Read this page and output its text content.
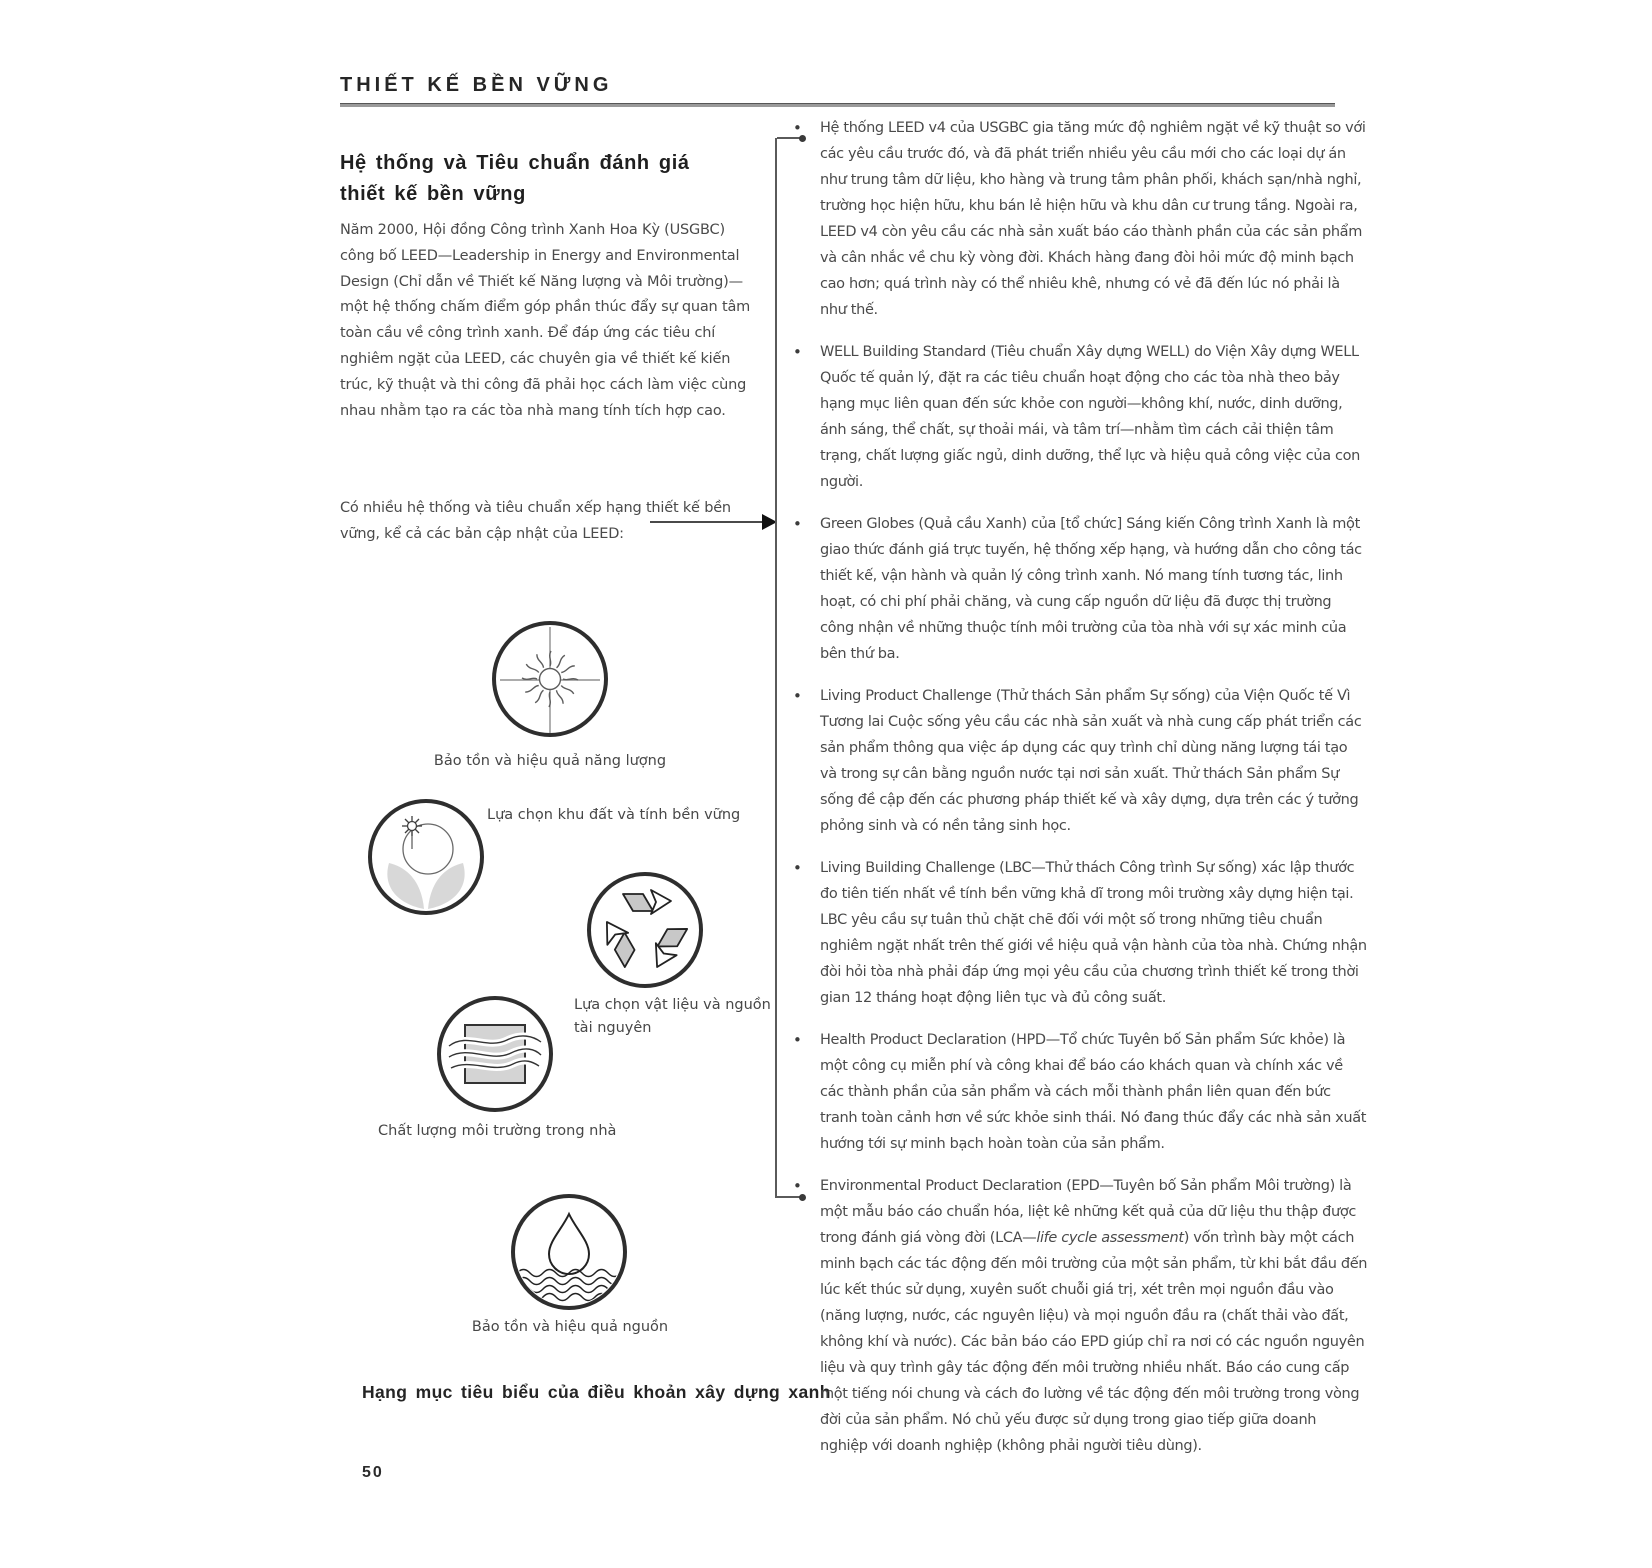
THIẾT KẾ BỀN VỮNG
Hệ thống và Tiêu chuẩn đánh giá thiết kế bền vững
Năm 2000, Hội đồng Công trình Xanh Hoa Kỳ (USGBC) công bố LEED—Leadership in Energy and Environmental Design (Chỉ dẫn về Thiết kế Năng lượng và Môi trường)—một hệ thống chấm điểm góp phần thúc đẩy sự quan tâm toàn cầu về công trình xanh. Để đáp ứng các tiêu chí nghiêm ngặt của LEED, các chuyên gia về thiết kế kiến trúc, kỹ thuật và thi công đã phải học cách làm việc cùng nhau nhằm tạo ra các tòa nhà mang tính tích hợp cao.
Có nhiều hệ thống và tiêu chuẩn xếp hạng thiết kế bền vững, kể cả các bản cập nhật của LEED:
Bảo tồn và hiệu quả năng lượng
Lựa chọn khu đất và tính bền vững
Lựa chọn vật liệu và nguồn tài nguyên
Chất lượng môi trường trong nhà
Bảo tồn và hiệu quả nguồn
Hạng mục tiêu biểu của điều khoản xây dựng xanh
50
• Hệ thống LEED v4 của USGBC gia tăng mức độ nghiêm ngặt về kỹ thuật so với các yêu cầu trước đó, và đã phát triển nhiều yêu cầu mới cho các loại dự án như trung tâm dữ liệu, kho hàng và trung tâm phân phối, khách sạn/nhà nghỉ, trường học hiện hữu, khu bán lẻ hiện hữu và khu dân cư trung tầng. Ngoài ra, LEED v4 còn yêu cầu các nhà sản xuất báo cáo thành phần của các sản phẩm và cân nhắc về chu kỳ vòng đời. Khách hàng đang đòi hỏi mức độ minh bạch cao hơn; quá trình này có thể nhiêu khê, nhưng có vẻ đã đến lúc nó phải là như thế.
• WELL Building Standard (Tiêu chuẩn Xây dựng WELL) do Viện Xây dựng WELL Quốc tế quản lý, đặt ra các tiêu chuẩn hoạt động cho các tòa nhà theo bảy hạng mục liên quan đến sức khỏe con người—không khí, nước, dinh dưỡng, ánh sáng, thể chất, sự thoải mái, và tâm trí—nhằm tìm cách cải thiện tâm trạng, chất lượng giấc ngủ, dinh dưỡng, thể lực và hiệu quả công việc của con người.
• Green Globes (Quả cầu Xanh) của [tổ chức] Sáng kiến Công trình Xanh là một giao thức đánh giá trực tuyến, hệ thống xếp hạng, và hướng dẫn cho công tác thiết kế, vận hành và quản lý công trình xanh. Nó mang tính tương tác, linh hoạt, có chi phí phải chăng, và cung cấp nguồn dữ liệu đã được thị trường công nhận về những thuộc tính môi trường của tòa nhà với sự xác minh của bên thứ ba.
• Living Product Challenge (Thử thách Sản phẩm Sự sống) của Viện Quốc tế Vì Tương lai Cuộc sống yêu cầu các nhà sản xuất và nhà cung cấp phát triển các sản phẩm thông qua việc áp dụng các quy trình chỉ dùng năng lượng tái tạo và trong sự cân bằng nguồn nước tại nơi sản xuất. Thử thách Sản phẩm Sự sống đề cập đến các phương pháp thiết kế và xây dựng, dựa trên các ý tưởng phỏng sinh và có nền tảng sinh học.
• Living Building Challenge (LBC—Thử thách Công trình Sự sống) xác lập thước đo tiên tiến nhất về tính bền vững khả dĩ trong môi trường xây dựng hiện tại. LBC yêu cầu sự tuân thủ chặt chẽ đối với một số trong những tiêu chuẩn nghiêm ngặt nhất trên thế giới về hiệu quả vận hành của tòa nhà. Chứng nhận đòi hỏi tòa nhà phải đáp ứng mọi yêu cầu của chương trình thiết kế trong thời gian 12 tháng hoạt động liên tục và đủ công suất.
• Health Product Declaration (HPD—Tổ chức Tuyên bố Sản phẩm Sức khỏe) là một công cụ miễn phí và công khai để báo cáo khách quan và chính xác về các thành phần của sản phẩm và cách mỗi thành phần liên quan đến bức tranh toàn cảnh hơn về sức khỏe sinh thái. Nó đang thúc đẩy các nhà sản xuất hướng tới sự minh bạch hoàn toàn của sản phẩm.
• Environmental Product Declaration (EPD—Tuyên bố Sản phẩm Môi trường) là một mẫu báo cáo chuẩn hóa, liệt kê những kết quả của dữ liệu thu thập được trong đánh giá vòng đời (LCA—life cycle assessment) vốn trình bày một cách minh bạch các tác động đến môi trường của một sản phẩm, từ khi bắt đầu đến lúc kết thúc sử dụng, xuyên suốt chuỗi giá trị, xét trên mọi nguồn đầu vào (năng lượng, nước, các nguyên liệu) và mọi nguồn đầu ra (chất thải vào đất, không khí và nước). Các bản báo cáo EPD giúp chỉ ra nơi có các nguồn nguyên liệu và quy trình gây tác động đến môi trường nhiều nhất. Báo cáo cung cấp một tiếng nói chung và cách đo lường về tác động đến môi trường trong vòng đời của sản phẩm. Nó chủ yếu được sử dụng trong giao tiếp giữa doanh nghiệp với doanh nghiệp (không phải người tiêu dùng).
